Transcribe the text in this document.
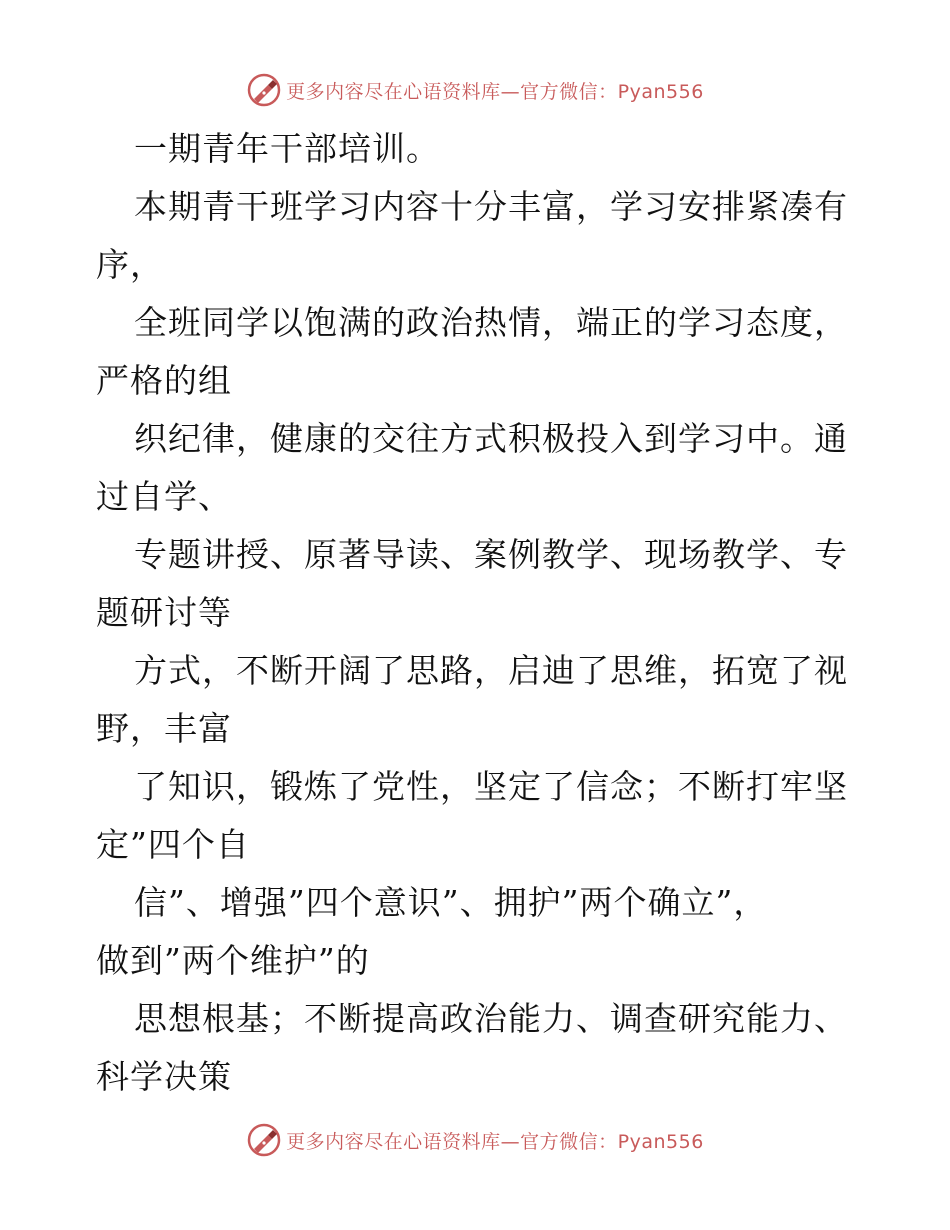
更多内容尽在心语资料库—官方微信：Pyan556
一期青年干部培训。
本期青干班学习内容十分丰富，学习安排紧凑有
序，
全班同学以饱满的政治热情，端正的学习态度，
严格的组
织纪律，健康的交往方式积极投入到学习中。通
过自学、
专题讲授、原著导读、案例教学、现场教学、专
题研讨等
方式，不断开阔了思路，启迪了思维，拓宽了视
野，丰富
了知识，锻炼了党性，坚定了信念；不断打牢坚
定”四个自
信”、增强”四个意识”、拥护”两个确立”，
做到”两个维护”的
思想根基；不断提高政治能力、调查研究能力、
科学决策
更多内容尽在心语资料库—官方微信：Pyan556
